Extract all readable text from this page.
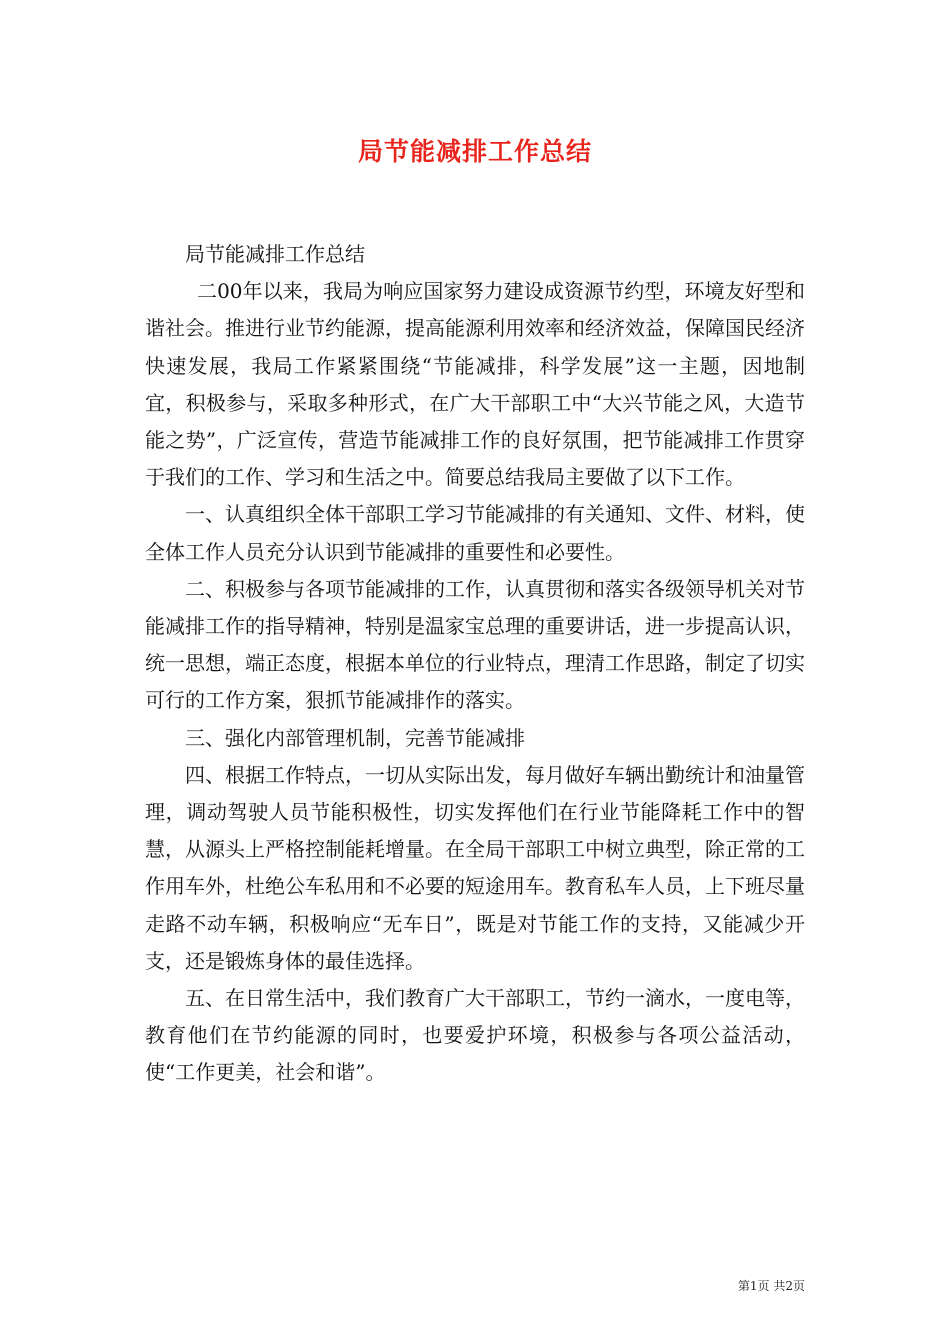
局节能减排工作总结

局节能减排工作总结

二00年以来，我局为响应国家努力建设成资源节约型，环境友好型和谐社会。推进行业节约能源，提高能源利用效率和经济效益，保障国民经济快速发展，我局工作紧紧围绕“节能减排，科学发展”这一主题，因地制宜，积极参与，采取多种形式，在广大干部职工中“大兴节能之风，大造节能之势”，广泛宣传，营造节能减排工作的良好氛围，把节能减排工作贯穿于我们的工作、学习和生活之中。简要总结我局主要做了以下工作。

一、认真组织全体干部职工学习节能减排的有关通知、文件、材料，使全体工作人员充分认识到节能减排的重要性和必要性。

二、积极参与各项节能减排的工作，认真贯彻和落实各级领导机关对节能减排工作的指导精神，特别是温家宝总理的重要讲话，进一步提高认识，统一思想，端正态度，根据本单位的行业特点，理清工作思路，制定了切实可行的工作方案，狠抓节能减排作的落实。

三、强化内部管理机制，完善节能减排

四、根据工作特点，一切从实际出发，每月做好车辆出勤统计和油量管理，调动驾驶人员节能积极性，切实发挥他们在行业节能降耗工作中的智慧，从源头上严格控制能耗增量。在全局干部职工中树立典型，除正常的工作用车外，杜绝公车私用和不必要的短途用车。教育私车人员，上下班尽量走路不动车辆，积极响应“无车日”，既是对节能工作的支持，又能减少开支，还是锻炼身体的最佳选择。

五、在日常生活中，我们教育广大干部职工，节约一滴水，一度电等，教育他们在节约能源的同时，也要爱护环境，积极参与各项公益活动，使“工作更美，社会和谐”。

第1页 共2页
